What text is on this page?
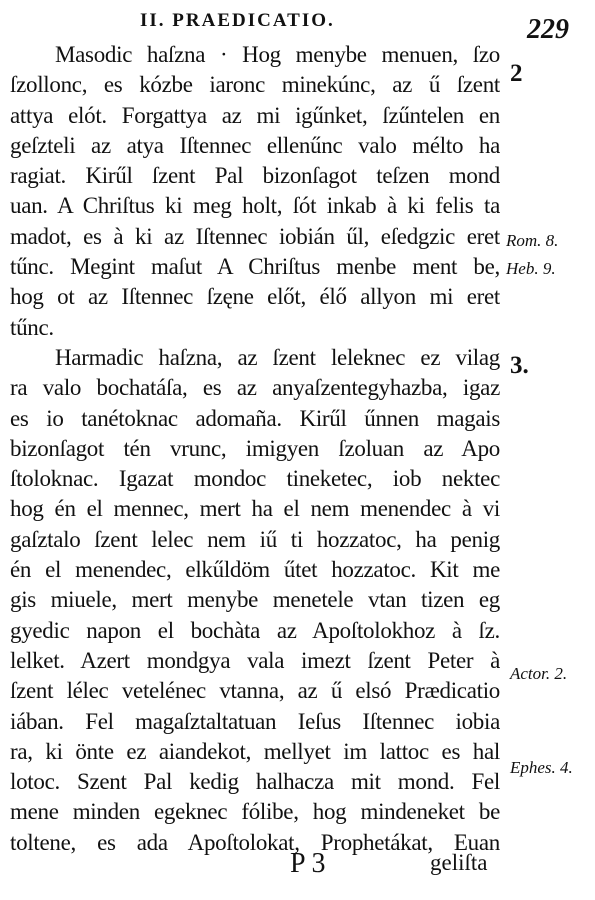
II. PRAEDICATIO.	229
Masodic haſzna · Hog menybe menuen, ſzo
ſzollonc, es kózbe iaronc minekúnc, az ű ſzent
attya elót. Forgattya az mi igűnket, ſzűntelen en
geſzteli az atya Iſtennec ellenűnc valo mélto ha
ragiat. Kirűl ſzent Pal bizonſagot teſzen mond
uan. A Chriſtus ki meg holt, ſót inkab à ki felis ta
madot, es à ki az Iſtennec iobián űl, eſedgzic eret
tűnc. Megint maſut A Chriſtus menbe ment be,
hog ot az Iſtennec ſzęne előt, élő allyon mi eret
tűnc.
Harmadic haſzna, az ſzent leleknec ez vilag
ra valo bochatáſa, es az anyaſzentegyhazba, igaz
es io tanétoknac adomaña. Kirűl űnnen magais
bizonſagot tén vrunc, imigyen ſzoluan az Apo
ſtoloknac. Igazat mondoc tineketec, iob nektec
hog én el mennec, mert ha el nem menendec à vi
gaſztalo ſzent lelec nem iű ti hozzatoc, ha penig
én el menendec, elkűldöm űtet hozzatoc. Kit me
gis miuele, mert menybe menetele vtan tizen eg
gyedic napon el bochàta az Apoſtolokhoz à ſz.
lelket. Azert mondgya vala imezt ſzent Peter à
ſzent lélec vetelénec vtanna, az ű elsó Prædicatio
iában. Fel magaſztaltatuan Ieſus Iſtennec iobia
ra, ki önte ez aiandekot, mellyet im lattoc es hal
lotoc. Szent Pal kedig halhacza mit mond. Fel
mene minden egeknec fólibe, hog mindeneket be
toltene, es ada Apoſtolokat, Prophetákat, Euan
2
Rom. 8.
Heb. 9.
3.
Actor. 2.
Ephes. 4.
P 3	geliſta
